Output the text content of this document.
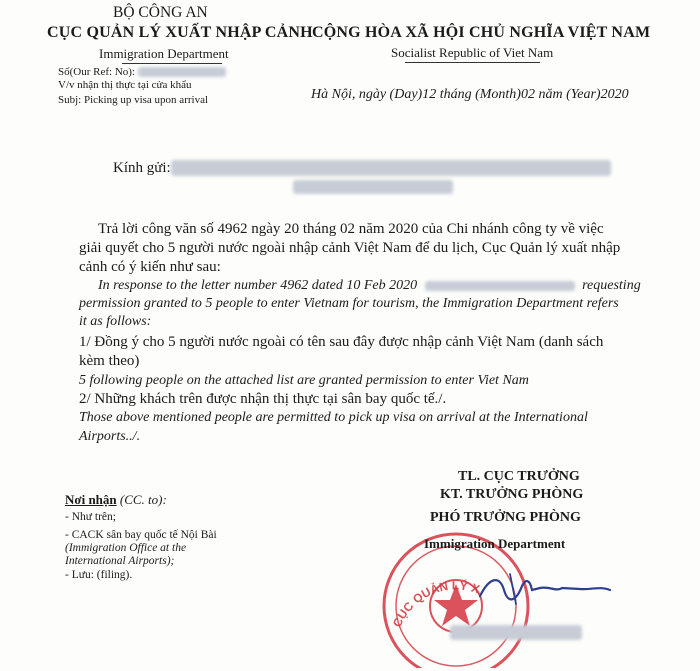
BỘ CÔNG AN
CỤC QUẢN LÝ XUẤT NHẬP CẢNH
Immigration Department
Số(Our Ref: No):
V/v nhận thị thực tại cửa khẩu
Subj: Picking up visa upon arrival
CỘNG HÒA XÃ HỘI CHỦ NGHĨA VIỆT NAM
Socialist Republic of Viet Nam
Hà Nội, ngày (Day)12 tháng (Month)02 năm (Year)2020
Kính gửi:
Trả lời công văn số 4962 ngày 20 tháng 02 năm 2020 của Chi nhánh công ty về việc
giải quyết cho 5 người nước ngoài nhập cảnh Việt Nam để du lịch, Cục Quản lý xuất nhập
cảnh có ý kiến như sau:
In response to the letter number 4962 dated 10 Feb 2020	requesting
permission granted to 5 people to enter Vietnam for tourism, the Immigration Department refers
it as follows:
1/ Đồng ý cho 5 người nước ngoài có tên sau đây được nhập cảnh Việt Nam (danh sách
kèm theo)
5 following people on the attached list are granted permission to enter Viet Nam
2/ Những khách trên được nhận thị thực tại sân bay quốc tế./.
Those above mentioned people are permitted to pick up visa on arrival at the International
Airports../.
Nơi nhận (CC. to):
- Như trên;
- CACK sân bay quốc tế Nội Bài
(Immigration Office at the
International Airports);
- Lưu: (filing).
CỤC QUẢN LÝ X
TL. CỤC TRƯỞNG
KT. TRƯỞNG PHÒNG
PHÓ TRƯỞNG PHÒNG
Immigration Department
